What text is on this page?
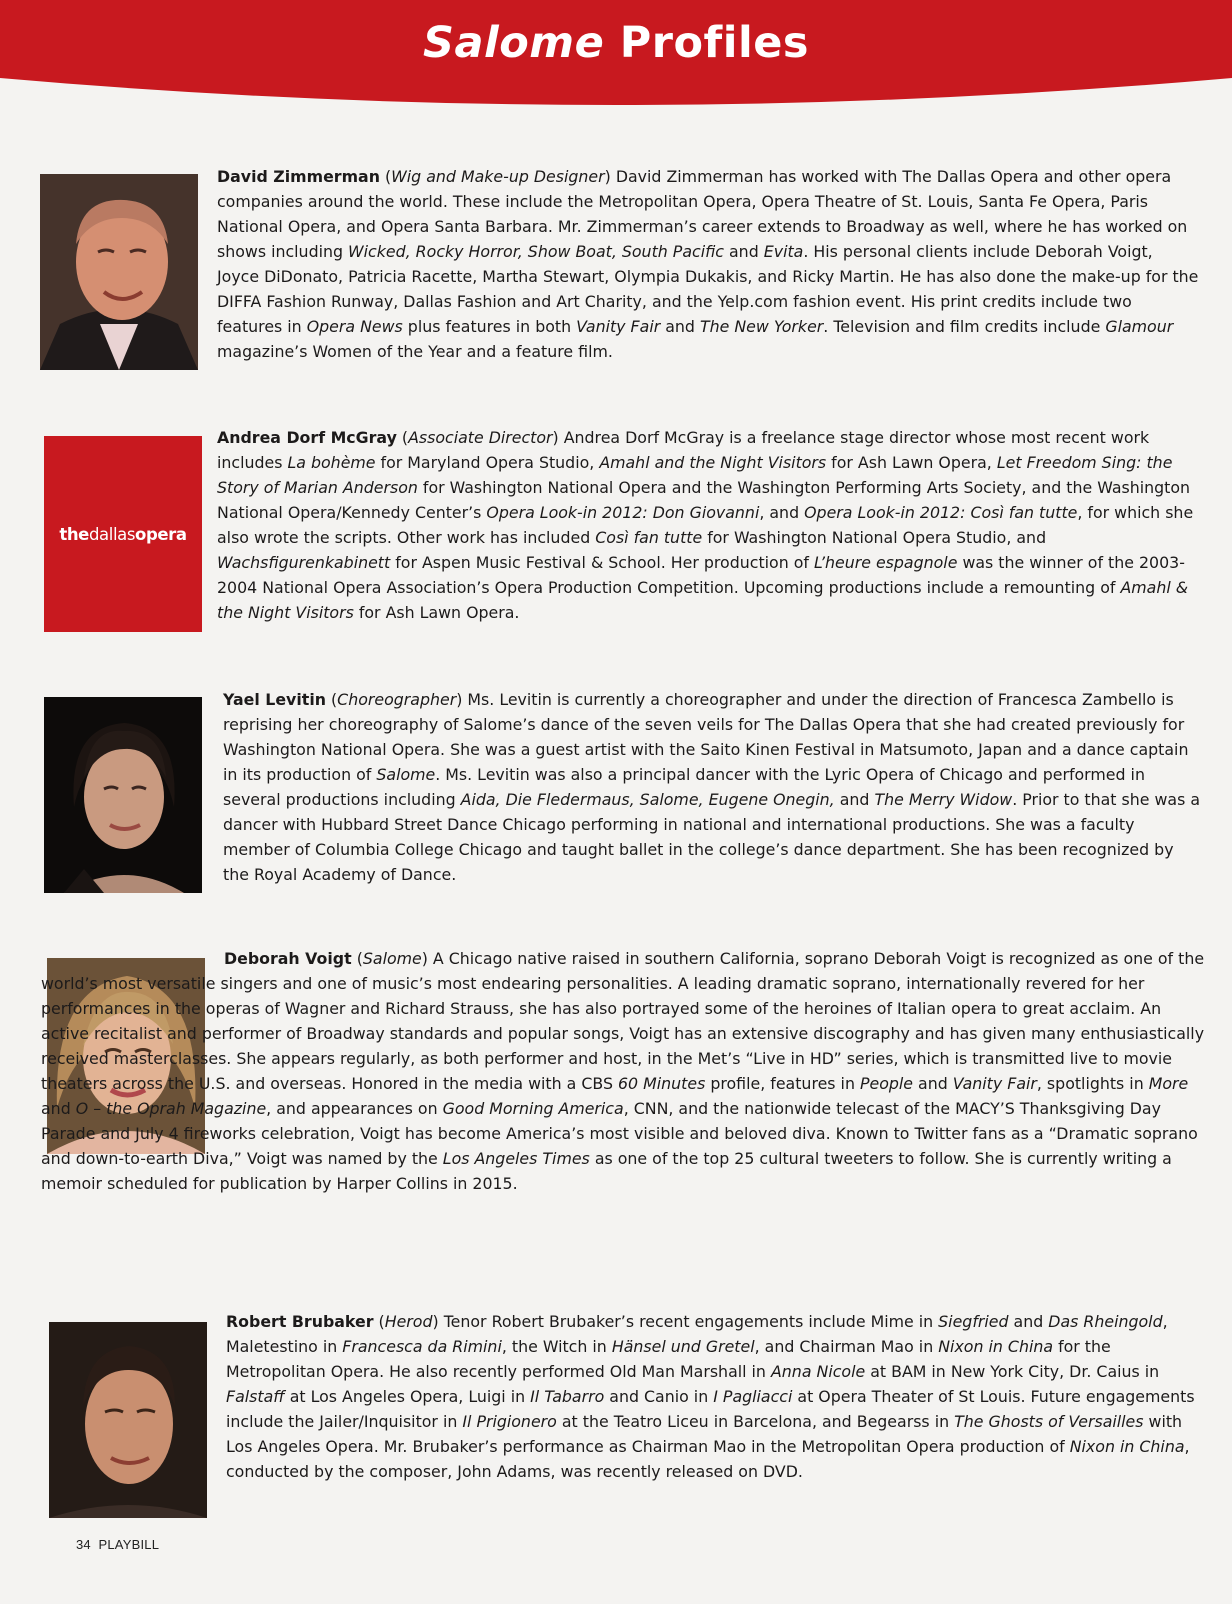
Salome Profiles
thedallasopera
David Zimmerman (Wig and Make-up Designer) David Zimmerman has worked with The Dallas Opera and other opera companies around the world. These include the Metropolitan Opera, Opera Theatre of St. Louis, Santa Fe Opera, Paris National Opera, and Opera Santa Barbara. Mr. Zimmerman’s career extends to Broadway as well, where he has worked on shows including Wicked, Rocky Horror, Show Boat, South Pacific and Evita. His personal clients include Deborah Voigt, Joyce DiDonato, Patricia Racette, Martha Stewart, Olympia Dukakis, and Ricky Martin. He has also done the make-up for the DIFFA Fashion Runway, Dallas Fashion and Art Charity, and the Yelp.com fashion event. His print credits include two features in Opera News plus features in both Vanity Fair and The New Yorker. Television and film credits include Glamour magazine’s Women of the Year and a feature film.
Andrea Dorf McGray (Associate Director) Andrea Dorf McGray is a freelance stage director whose most recent work includes La bohème for Maryland Opera Studio, Amahl and the Night Visitors for Ash Lawn Opera, Let Freedom Sing: the Story of Marian Anderson for Washington National Opera and the Washington Performing Arts Society, and the Washington National Opera/Kennedy Center’s Opera Look-in 2012: Don Giovanni, and Opera Look-in 2012: Così fan tutte, for which she also wrote the scripts. Other work has included Così fan tutte for Washington National Opera Studio, and Wachsfigurenkabinett for Aspen Music Festival & School. Her production of L’heure espagnole was the winner of the 2003-2004 National Opera Association’s Opera Production Competition. Upcoming productions include a remounting of Amahl & the Night Visitors for Ash Lawn Opera.
Yael Levitin (Choreographer) Ms. Levitin is currently a choreographer and under the direction of Francesca Zambello is reprising her choreography of Salome’s dance of the seven veils for The Dallas Opera that she had created previously for Washington National Opera. She was a guest artist with the Saito Kinen Festival in Matsumoto, Japan and a dance captain in its production of Salome. Ms. Levitin was also a principal dancer with the Lyric Opera of Chicago and performed in several productions including Aida, Die Fledermaus, Salome, Eugene Onegin, and The Merry Widow. Prior to that she was a dancer with Hubbard Street Dance Chicago performing in national and international productions. She was a faculty member of Columbia College Chicago and taught ballet in the college’s dance department. She has been recognized by the Royal Academy of Dance.
Deborah Voigt (Salome) A Chicago native raised in southern California, soprano Deborah Voigt is recognized as one of the world’s most versatile singers and one of music’s most endearing personalities. A leading dramatic soprano, internationally revered for her performances in the operas of Wagner and Richard Strauss, she has also portrayed some of the heroines of Italian opera to great acclaim. An active recitalist and performer of Broadway standards and popular songs, Voigt has an extensive discography and has given many enthusiastically received masterclasses. She appears regularly, as both performer and host, in the Met’s “Live in HD” series, which is transmitted live to movie theaters across the U.S. and overseas. Honored in the media with a CBS 60 Minutes profile, features in People and Vanity Fair, spotlights in More and O – the Oprah Magazine, and appearances on Good Morning America, CNN, and the nationwide telecast of the MACY’S Thanksgiving Day Parade and July 4 fireworks celebration, Voigt has become America’s most visible and beloved diva. Known to Twitter fans as a “Dramatic soprano and down-to-earth Diva,” Voigt was named by the Los Angeles Times as one of the top 25 cultural tweeters to follow. She is currently writing a memoir scheduled for publication by Harper Collins in 2015.
Robert Brubaker (Herod) Tenor Robert Brubaker’s recent engagements include Mime in Siegfried and Das Rheingold, Maletestino in Francesca da Rimini, the Witch in Hänsel und Gretel, and Chairman Mao in Nixon in China for the Metropolitan Opera. He also recently performed Old Man Marshall in Anna Nicole at BAM in New York City, Dr. Caius in Falstaff at Los Angeles Opera, Luigi in Il Tabarro and Canio in I Pagliacci at Opera Theater of St Louis. Future engagements include the Jailer/Inquisitor in Il Prigionero at the Teatro Liceu in Barcelona, and Begearss in The Ghosts of Versailles with Los Angeles Opera. Mr. Brubaker’s performance as Chairman Mao in the Metropolitan Opera production of Nixon in China, conducted by the composer, John Adams, was recently released on DVD.
34 PLAYBILL
